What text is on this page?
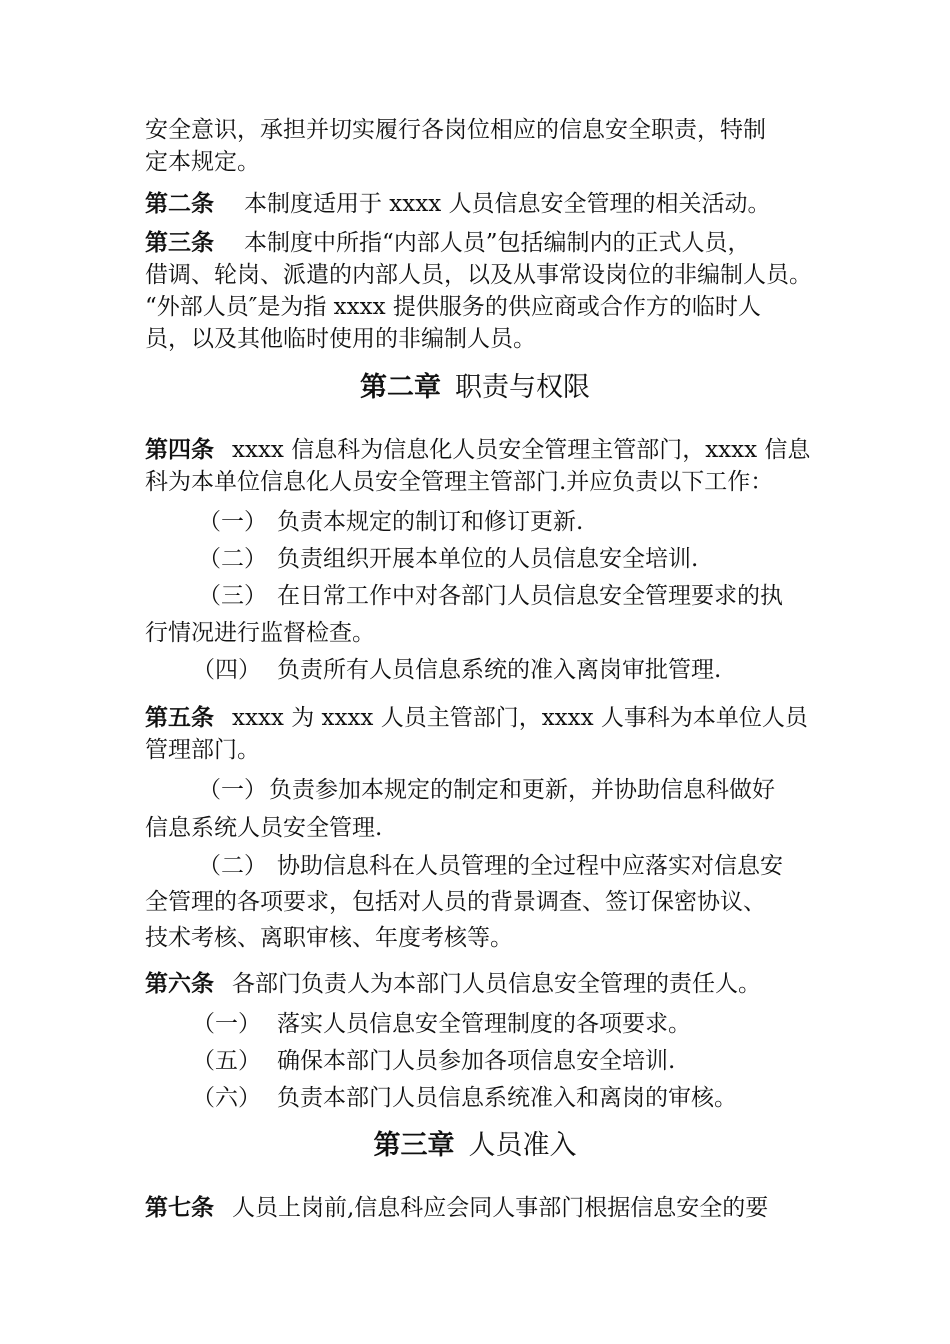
安全意识，承担并切实履行各岗位相应的信息安全职责，特制
定本规定。
第二条 本制度适用于 xxxx 人员信息安全管理的相关活动。
第三条 本制度中所指“内部人员”包括编制内的正式人员，
借调、轮岗、派遣的内部人员，以及从事常设岗位的非编制人员。
“外部人员″是为指 xxxx 提供服务的供应商或合作方的临时人
员，以及其他临时使用的非编制人员。
第二章 职责与权限
第四条 xxxx 信息科为信息化人员安全管理主管部门，xxxx 信息
科为本单位信息化人员安全管理主管部门.并应负责以下工作：
（一） 负责本规定的制订和修订更新.
（二） 负责组织开展本单位的人员信息安全培训.
（三） 在日常工作中对各部门人员信息安全管理要求的执
行情况进行监督检查。
（四） 负责所有人员信息系统的准入离岗审批管理.
第五条 xxxx 为 xxxx 人员主管部门，xxxx 人事科为本单位人员
管理部门。
（一）负责参加本规定的制定和更新，并协助信息科做好
信息系统人员安全管理.
（二） 协助信息科在人员管理的全过程中应落实对信息安
全管理的各项要求，包括对人员的背景调查、签订保密协议、
技术考核、离职审核、年度考核等。
第六条 各部门负责人为本部门人员信息安全管理的责任人。
（一） 落实人员信息安全管理制度的各项要求。
（五） 确保本部门人员参加各项信息安全培训.
（六） 负责本部门人员信息系统准入和离岗的审核。
第三章 人员准入
第七条 人员上岗前,信息科应会同人事部门根据信息安全的要
